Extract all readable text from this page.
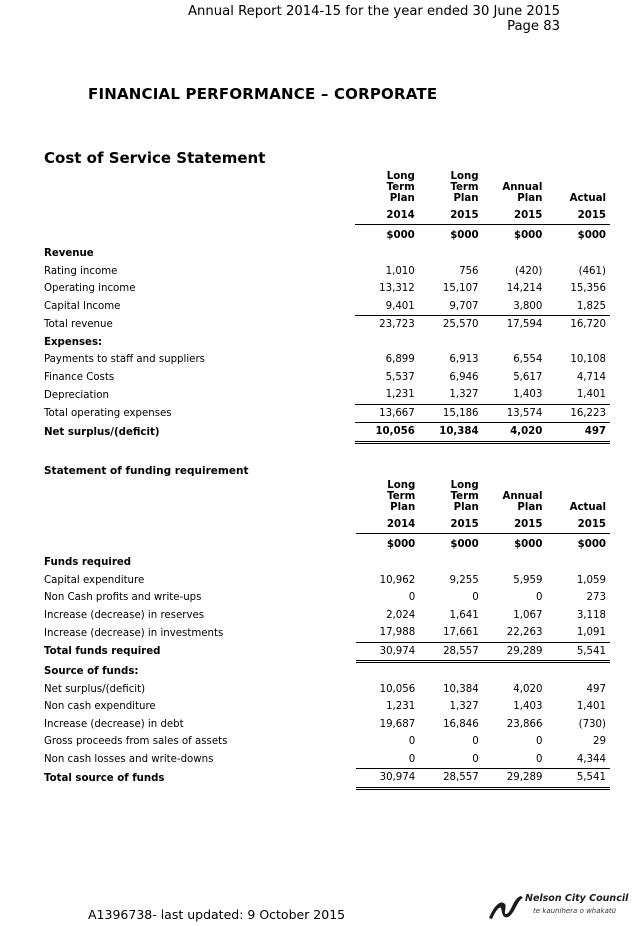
Annual Report 2014-15 for the year ended 30 June 2015
Page 83
FINANCIAL PERFORMANCE – CORPORATE
Cost of Service Statement
	Long
Term
Plan	Long
Term
Plan	Annual
Plan	Actual
	2014	2015	2015	2015
	$000	$000	$000	$000
Revenue				
Rating income	1,010	756	(420)	(461)
Operating income	13,312	15,107	14,214	15,356
Capital Income	9,401	9,707	3,800	1,825
Total revenue	23,723	25,570	17,594	16,720
Expenses:				
Payments to staff and suppliers	6,899	6,913	6,554	10,108
Finance Costs	5,537	6,946	5,617	4,714
Depreciation	1,231	1,327	1,403	1,401
Total operating expenses	13,667	15,186	13,574	16,223
Net surplus/(deficit)	10,056	10,384	4,020	497
Statement of funding requirement
	Long
Term
Plan	Long
Term
Plan	Annual
Plan	Actual
	2014	2015	2015	2015
	$000	$000	$000	$000
Funds required				
Capital expenditure	10,962	9,255	5,959	1,059
Non Cash profits and write-ups	0	0	0	273
Increase (decrease) in reserves	2,024	1,641	1,067	3,118
Increase (decrease) in investments	17,988	17,661	22,263	1,091
Total funds required	30,974	28,557	29,289	5,541
Source of funds:				
Net surplus/(deficit)	10,056	10,384	4,020	497
Non cash expenditure	1,231	1,327	1,403	1,401
Increase (decrease) in debt	19,687	16,846	23,866	(730)
Gross proceeds from sales of assets	0	0	0	29
Non cash losses and write-downs	0	0	0	4,344
Total source of funds	30,974	28,557	29,289	5,541
A1396738- last updated: 9 October 2015
Nelson City Council
te kaunihera o whakatū
